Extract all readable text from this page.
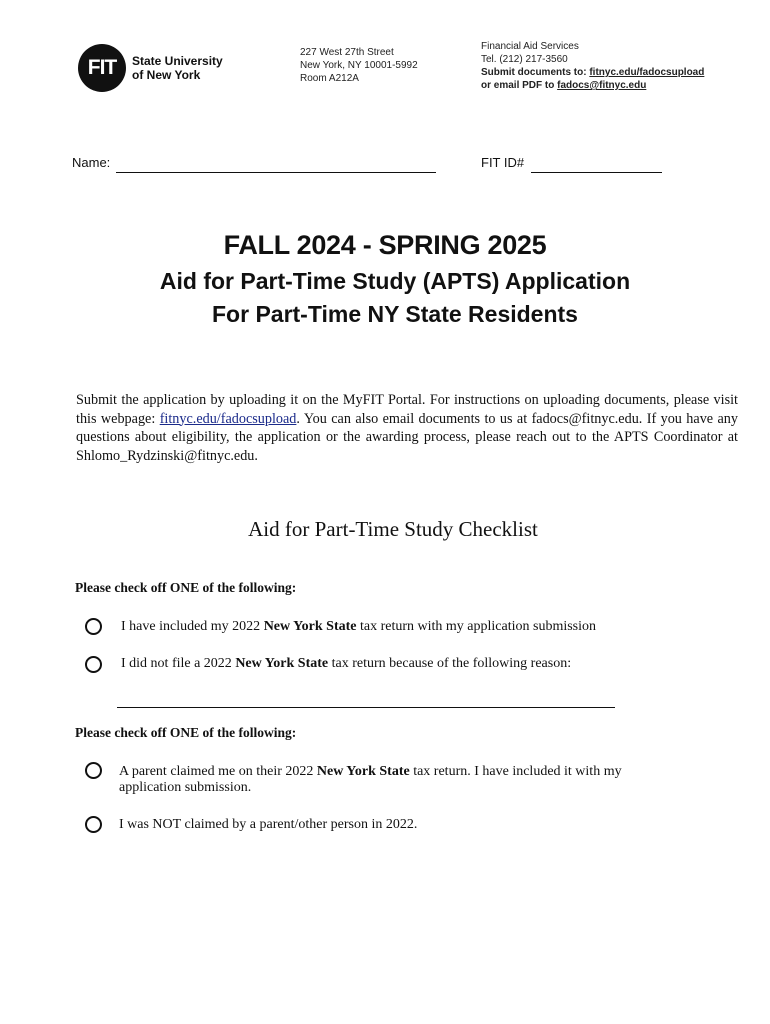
FIT	State University
of New York
227 West 27th Street
New York, NY 10001-5992
Room A212A
Financial Aid Services
Tel. (212) 217-3560
Submit documents to: fitnyc.edu/fadocsupload
or email PDF to fadocs@fitnyc.edu
Name:	FIT ID#
FALL 2024 - SPRING 2025
Aid for Part-Time Study (APTS) Application
For Part-Time NY State Residents
Submit the application by uploading it on the MyFIT Portal. For instructions on uploading documents, please visit this webpage: fitnyc.edu/fadocsupload. You can also email documents to us at fadocs@fitnyc.edu. If you have any questions about eligibility, the application or the awarding process, please reach out to the APTS Coordinator at Shlomo_Rydzinski@fitnyc.edu.
Aid for Part-Time Study Checklist
Please check off ONE of the following:
I have included my 2022 New York State tax return with my application submission
I did not file a 2022 New York State tax return because of the following reason:
Please check off ONE of the following:
A parent claimed me on their 2022 New York State tax return. I have included it with my
application submission.
I was NOT claimed by a parent/other person in 2022.
